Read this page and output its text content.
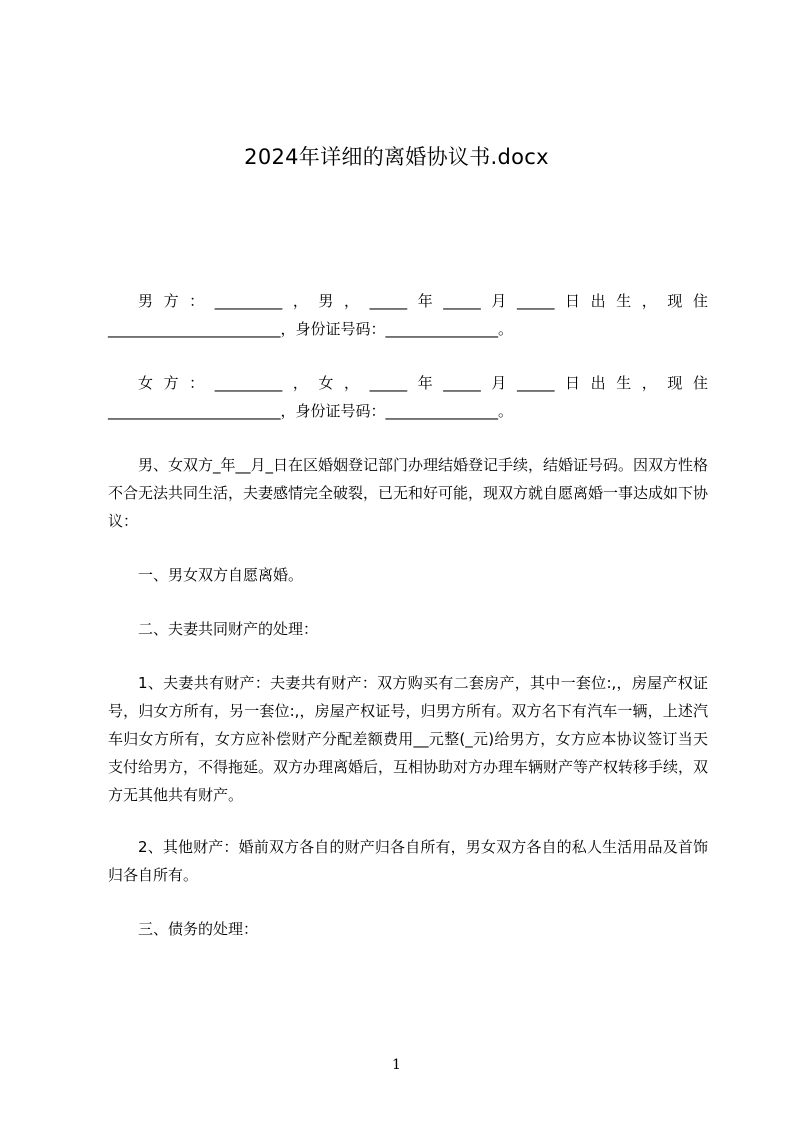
2024年详细的离婚协议书.docx

男方：_________，男，_____年_____月_____日出生，现住_______________________，身份证号码：_______________。

女方：_________，女，_____年_____月_____日出生，现住_______________________，身份证号码：_______________。

男、女双方_年__月_日在区婚姻登记部门办理结婚登记手续，结婚证号码。因双方性格不合无法共同生活，夫妻感情完全破裂，已无和好可能，现双方就自愿离婚一事达成如下协议：

一、男女双方自愿离婚。

二、夫妻共同财产的处理：

1、夫妻共有财产：夫妻共有财产：双方购买有二套房产，其中一套位:,，房屋产权证号，归女方所有，另一套位:,，房屋产权证号，归男方所有。双方名下有汽车一辆，上述汽车归女方所有，女方应补偿财产分配差额费用__元整(_元)给男方，女方应本协议签订当天支付给男方，不得拖延。双方办理离婚后，互相协助对方办理车辆财产等产权转移手续，双方无其他共有财产。

2、其他财产：婚前双方各自的财产归各自所有，男女双方各自的私人生活用品及首饰归各自所有。

三、债务的处理：

1
